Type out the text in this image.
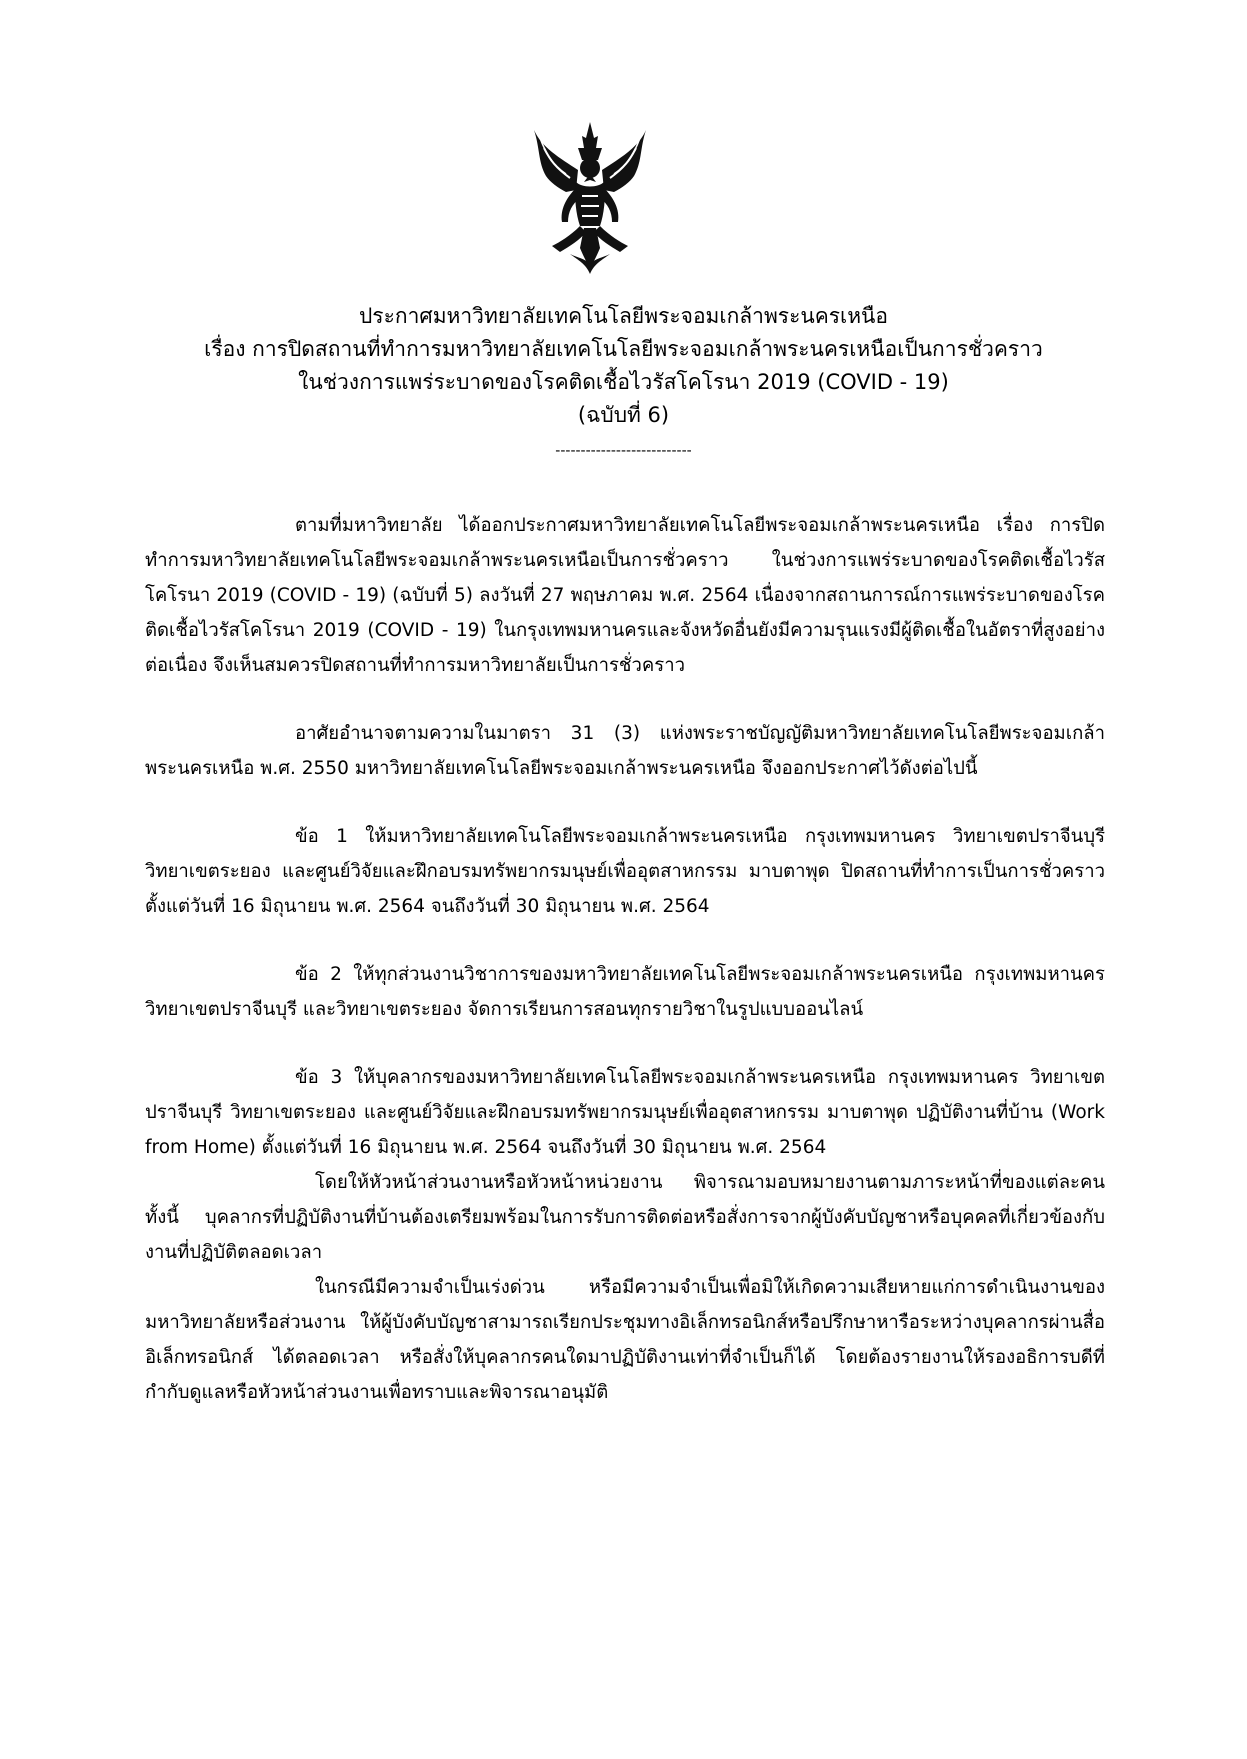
ประกาศมหาวิทยาลัยเทคโนโลยีพระจอมเกล้าพระนครเหนือ
เรื่อง การปิดสถานที่ทำการมหาวิทยาลัยเทคโนโลยีพระจอมเกล้าพระนครเหนือเป็นการชั่วคราว
ในช่วงการแพร่ระบาดของโรคติดเชื้อไวรัสโคโรนา 2019 (COVID - 19)
(ฉบับที่ 6)
---------------------------

ตามที่มหาวิทยาลัย ได้ออกประกาศมหาวิทยาลัยเทคโนโลยีพระจอมเกล้าพระนครเหนือ เรื่อง การปิดทำการมหาวิทยาลัยเทคโนโลยีพระจอมเกล้าพระนครเหนือเป็นการชั่วคราว ในช่วงการแพร่ระบาดของโรคติดเชื้อไวรัสโคโรนา 2019 (COVID - 19) (ฉบับที่ 5) ลงวันที่ 27 พฤษภาคม พ.ศ. 2564 เนื่องจากสถานการณ์การแพร่ระบาดของโรคติดเชื้อไวรัสโคโรนา 2019 (COVID - 19) ในกรุงเทพมหานครและจังหวัดอื่นยังมีความรุนแรงมีผู้ติดเชื้อในอัตราที่สูงอย่างต่อเนื่อง จึงเห็นสมควรปิดสถานที่ทำการมหาวิทยาลัยเป็นการชั่วคราว

อาศัยอำนาจตามความในมาตรา 31 (3) แห่งพระราชบัญญัติมหาวิทยาลัยเทคโนโลยีพระจอมเกล้าพระนครเหนือ พ.ศ. 2550 มหาวิทยาลัยเทคโนโลยีพระจอมเกล้าพระนครเหนือ จึงออกประกาศไว้ดังต่อไปนี้

ข้อ 1 ให้มหาวิทยาลัยเทคโนโลยีพระจอมเกล้าพระนครเหนือ กรุงเทพมหานคร วิทยาเขตปราจีนบุรี วิทยาเขตระยอง และศูนย์วิจัยและฝึกอบรมทรัพยากรมนุษย์เพื่ออุตสาหกรรม มาบตาพุด ปิดสถานที่ทำการเป็นการชั่วคราว ตั้งแต่วันที่ 16 มิถุนายน พ.ศ. 2564 จนถึงวันที่ 30 มิถุนายน พ.ศ. 2564

ข้อ 2 ให้ทุกส่วนงานวิชาการของมหาวิทยาลัยเทคโนโลยีพระจอมเกล้าพระนครเหนือ กรุงเทพมหานคร วิทยาเขตปราจีนบุรี และวิทยาเขตระยอง จัดการเรียนการสอนทุกรายวิชาในรูปแบบออนไลน์

ข้อ 3 ให้บุคลากรของมหาวิทยาลัยเทคโนโลยีพระจอมเกล้าพระนครเหนือ กรุงเทพมหานคร วิทยาเขตปราจีนบุรี วิทยาเขตระยอง และศูนย์วิจัยและฝึกอบรมทรัพยากรมนุษย์เพื่ออุตสาหกรรม มาบตาพุด ปฏิบัติงานที่บ้าน (Work from Home) ตั้งแต่วันที่ 16 มิถุนายน พ.ศ. 2564 จนถึงวันที่ 30 มิถุนายน พ.ศ. 2564

โดยให้หัวหน้าส่วนงานหรือหัวหน้าหน่วยงาน พิจารณามอบหมายงานตามภาระหน้าที่ของแต่ละคน ทั้งนี้ บุคลากรที่ปฏิบัติงานที่บ้านต้องเตรียมพร้อมในการรับการติดต่อหรือสั่งการจากผู้บังคับบัญชาหรือบุคคลที่เกี่ยวข้องกับงานที่ปฏิบัติตลอดเวลา

ในกรณีมีความจำเป็นเร่งด่วน หรือมีความจำเป็นเพื่อมิให้เกิดความเสียหายแก่การดำเนินงานของมหาวิทยาลัยหรือส่วนงาน ให้ผู้บังคับบัญชาสามารถเรียกประชุมทางอิเล็กทรอนิกส์หรือปรึกษาหารือระหว่างบุคลากรผ่านสื่ออิเล็กทรอนิกส์ ได้ตลอดเวลา หรือสั่งให้บุคลากรคนใดมาปฏิบัติงานเท่าที่จำเป็นก็ได้ โดยต้องรายงานให้รองอธิการบดีที่กำกับดูแลหรือหัวหน้าส่วนงานเพื่อทราบและพิจารณาอนุมัติ
